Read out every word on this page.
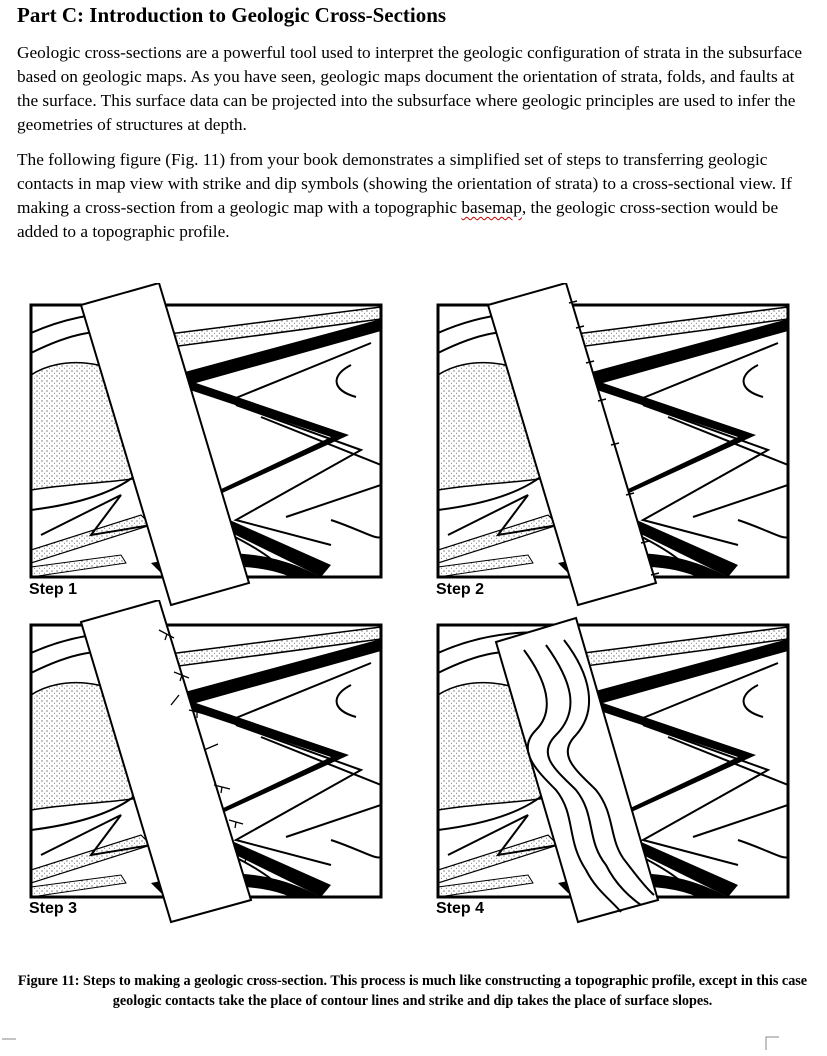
Part C: Introduction to Geologic Cross-Sections

Geologic cross-sections are a powerful tool used to interpret the geologic configuration of strata in the subsurface based on geologic maps. As you have seen, geologic maps document the orientation of strata, folds, and faults at the surface. This surface data can be projected into the subsurface where geologic principles are used to infer the geometries of structures at depth.

The following figure (Fig. 11) from your book demonstrates a simplified set of steps to transferring geologic contacts in map view with strike and dip symbols (showing the orientation of strata) to a cross-sectional view. If making a cross-section from a geologic map with a topographic basemap, the geologic cross-section would be added to a topographic profile.

Step 1	Step 2
Step 3	Step 4

Figure 11: Steps to making a geologic cross-section. This process is much like constructing a topographic profile, except in this case geologic contacts take the place of contour lines and strike and dip takes the place of surface slopes.
